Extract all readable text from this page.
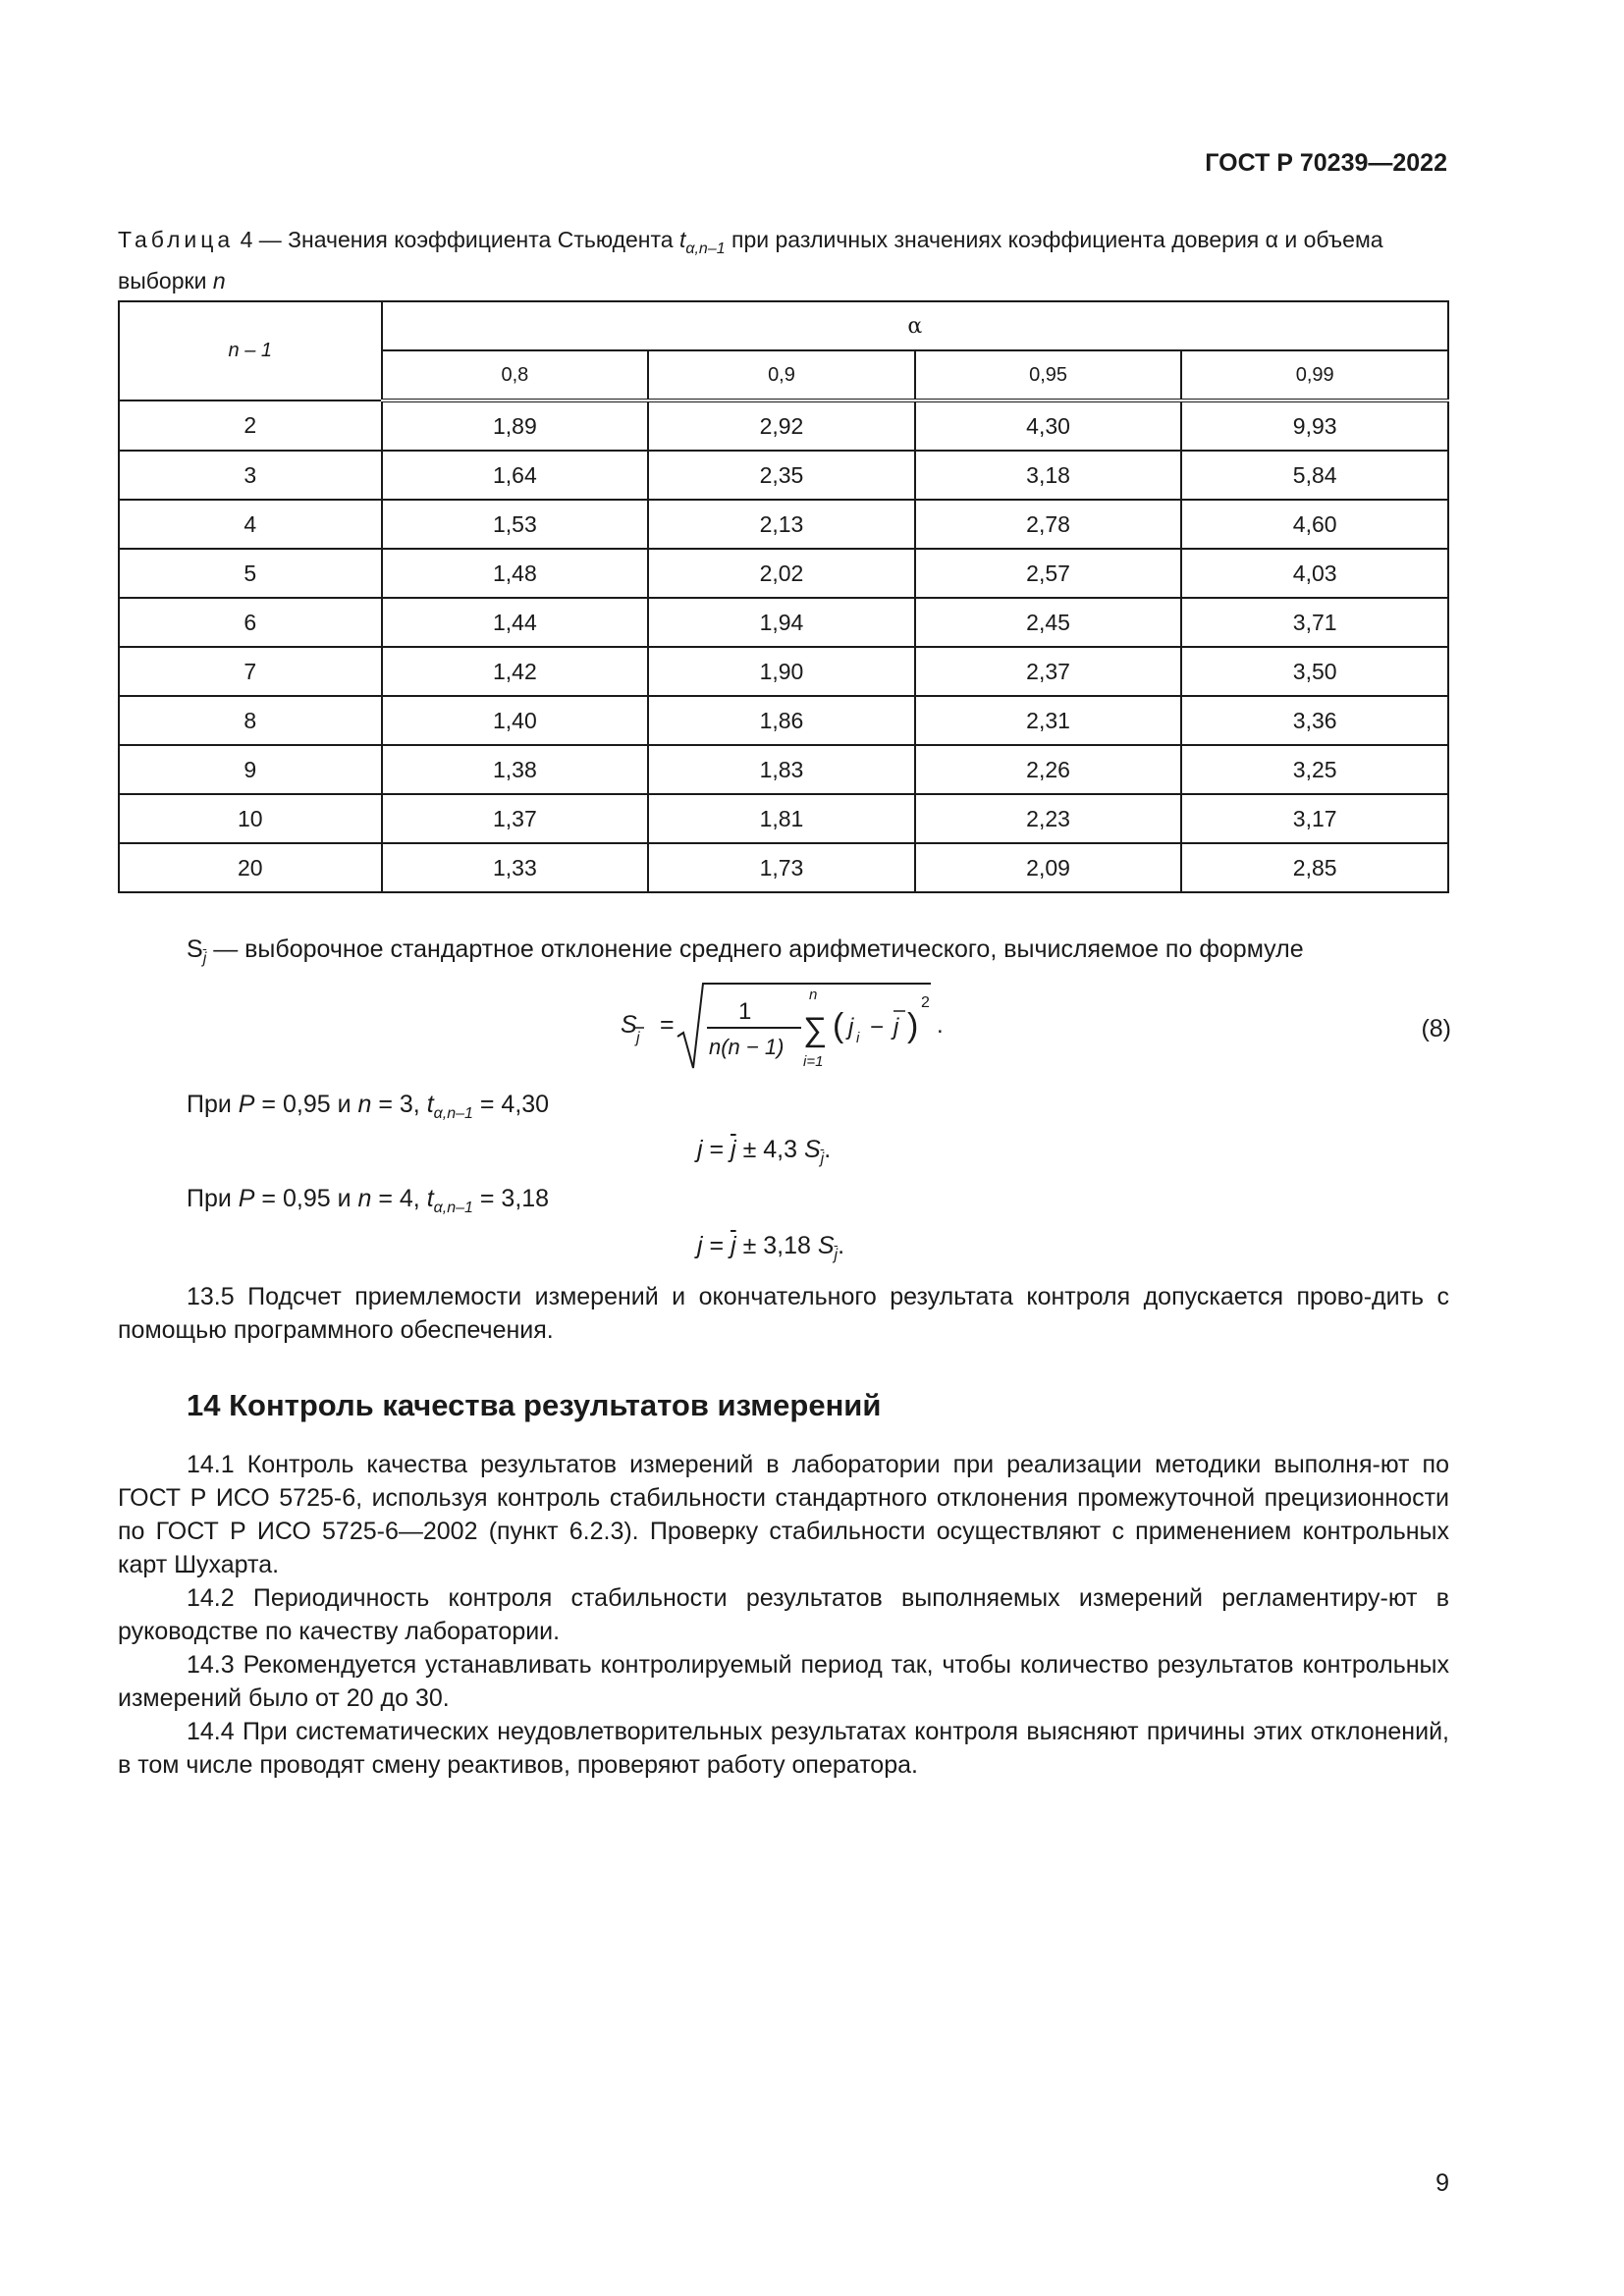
ГОСТ Р 70239—2022
Таблица 4 — Значения коэффициента Стьюдента $t_{\alpha,n-1}$ при различных значениях коэффициента доверия α и объема выборки n
n – 1	α			
	0,8	0,9	0,95	0,99
2	1,89	2,92	4,30	9,93
3	1,64	2,35	3,18	5,84
4	1,53	2,13	2,78	4,60
5	1,48	2,02	2,57	4,03
6	1,44	1,94	2,45	3,71
7	1,42	1,90	2,37	3,50
8	1,40	1,86	2,31	3,36
9	1,38	1,83	2,26	3,25
10	1,37	1,81	2,23	3,17
20	1,33	1,73	2,09	2,85
$S_{\overline{j}}$ — выборочное стандартное отклонение среднего арифметического, вычисляемое по формуле
S j =	1
n(n − 1)
n
∑
i=1
( j i − j )
2
.	(8)
При P = 0,95 и n = 3, $t_{\alpha,n-1} = 4,30$
$j = \overline{j} \pm 4,3$ $S_{\overline{j}}$.
При P = 0,95 и n = 4, $t_{\alpha,n-1} = 3,18$
$j = \overline{j} \pm 3,18$ $S_{\overline{j}}$.
13.5 Подсчет приемлемости измерений и окончательного результата контроля допускается прово-дить с помощью программного обеспечения.
14 Контроль качества результатов измерений

14.1 Контроль качества результатов измерений в лаборатории при реализации методики выполня-ют по ГОСТ Р ИСО 5725-6, используя контроль стабильности стандартного отклонения промежуточной прецизионности по ГОСТ Р ИСО 5725-6—2002 (пункт 6.2.3). Проверку стабильности осуществляют с применением контрольных карт Шухарта.

14.2 Периодичность контроля стабильности результатов выполняемых измерений регламентиру-ют в руководстве по качеству лаборатории.

14.3 Рекомендуется устанавливать контролируемый период так, чтобы количество результатов контрольных измерений было от 20 до 30.

14.4 При систематических неудовлетворительных результатах контроля выясняют причины этих отклонений, в том числе проводят смену реактивов, проверяют работу оператора.

9
